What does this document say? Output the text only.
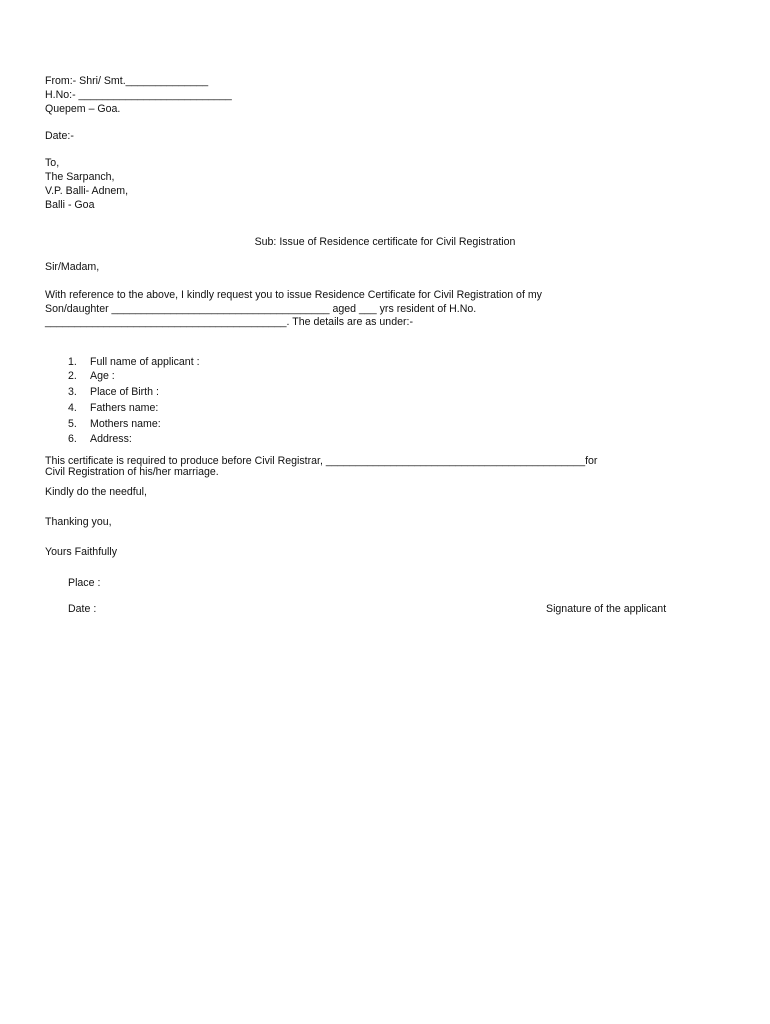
From:- Shri/ Smt.______________
H.No:- __________________________
Quepem – Goa.
Date:-
To,
The Sarpanch,
V.P. Balli- Adnem,
Balli - Goa
Sub: Issue of Residence certificate for Civil Registration
Sir/Madam,
With reference to the above, I kindly request you to issue Residence Certificate for Civil Registration of my
Son/daughter _____________________________________ aged ___ yrs resident of H.No.
_________________________________________. The details are as under:-
1. Full name of applicant :
2. Age :
3. Place of Birth :
4. Fathers name:
5. Mothers name:
6. Address:
This certificate is required to produce before Civil Registrar, ____________________________________________for
Civil Registration of his/her marriage.
Kindly do the needful,
Thanking you,
Yours Faithfully
Place :
Date :	Signature of the applicant
